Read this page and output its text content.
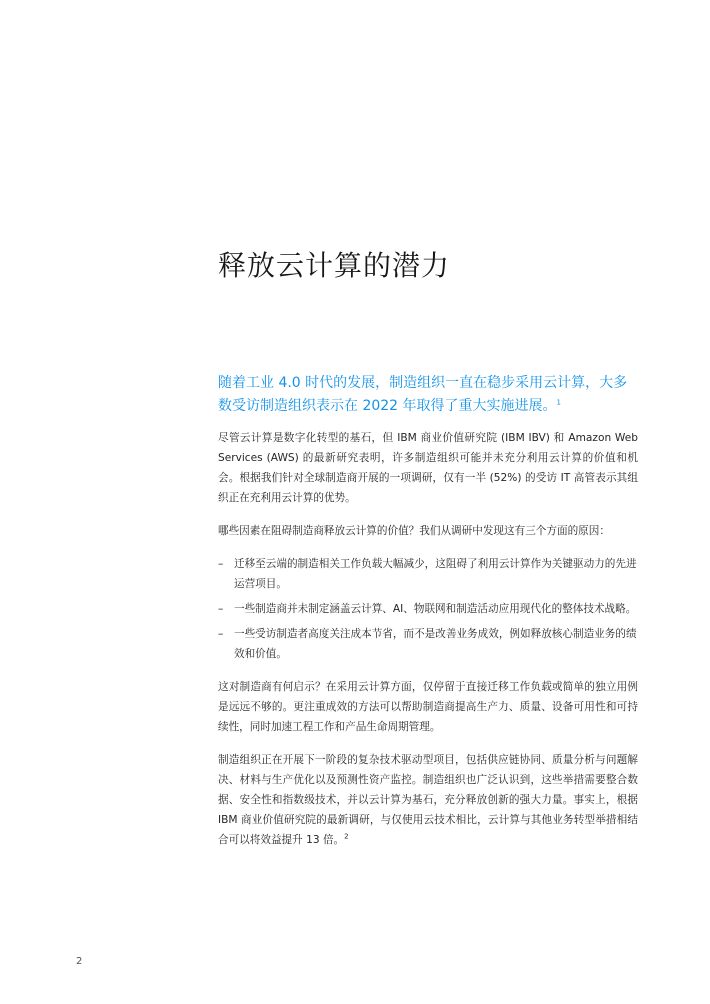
释放云计算的潜力

随着工业 4.0 时代的发展，制造组织一直在稳步采用云计算，大多数受访制造组织表示在 2022 年取得了重大实施进展。$^1$

尽管云计算是数字化转型的基石，但 IBM 商业价值研究院 (IBM IBV) 和 Amazon Web Services (AWS) 的最新研究表明，许多制造组织可能并未充分利用云计算的价值和机会。根据我们针对全球制造商开展的一项调研，仅有一半 (52%) 的受访 IT 高管表示其组织正在充利用云计算的优势。

哪些因素在阻碍制造商释放云计算的价值？我们从调研中发现这有三个方面的原因：

– 迁移至云端的制造相关工作负载大幅减少，这阻碍了利用云计算作为关键驱动力的先进运营项目。
– 一些制造商并未制定涵盖云计算、AI、物联网和制造活动应用现代化的整体技术战略。
– 一些受访制造者高度关注成本节省，而不是改善业务成效，例如释放核心制造业务的绩效和价值。

这对制造商有何启示？在采用云计算方面，仅停留于直接迁移工作负载或简单的独立用例是远远不够的。更注重成效的方法可以帮助制造商提高生产力、质量、设备可用性和可持续性，同时加速工程工作和产品生命周期管理。

制造组织正在开展下一阶段的复杂技术驱动型项目，包括供应链协同、质量分析与问题解决、材料与生产优化以及预测性资产监控。制造组织也广泛认识到，这些举措需要整合数据、安全性和指数级技术，并以云计算为基石，充分释放创新的强大力量。事实上，根据 IBM 商业价值研究院的最新调研，与仅使用云技术相比，云计算与其他业务转型举措相结合可以将效益提升 13 倍。$^2$

2
